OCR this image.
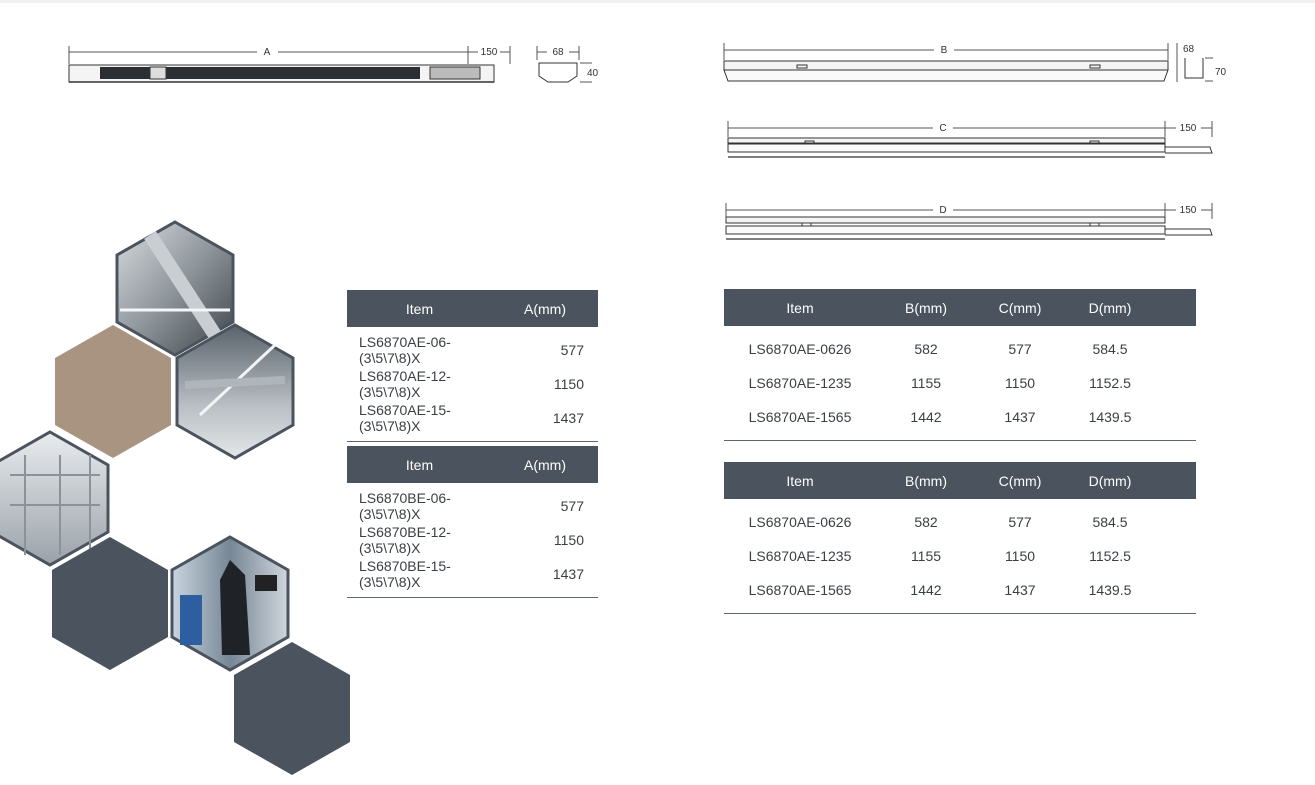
A	150	68
40
B	68
70
C	150
D	150
Item	A(mm)
LS6870AE-06-(3\5\7\8)X	577
LS6870AE-12-(3\5\7\8)X	1150
LS6870AE-15-(3\5\7\8)X	1437
Item	A(mm)
LS6870BE-06-(3\5\7\8)X	577
LS6870BE-12-(3\5\7\8)X	1150
LS6870BE-15-(3\5\7\8)X	1437
Item	B(mm)	C(mm)	D(mm)	
LS6870AE-0626	582	577	584.5	
LS6870AE-1235	1155	1150	1152.5	
LS6870AE-1565	1442	1437	1439.5	
Item	B(mm)	C(mm)	D(mm)	
LS6870AE-0626	582	577	584.5	
LS6870AE-1235	1155	1150	1152.5	
LS6870AE-1565	1442	1437	1439.5	
